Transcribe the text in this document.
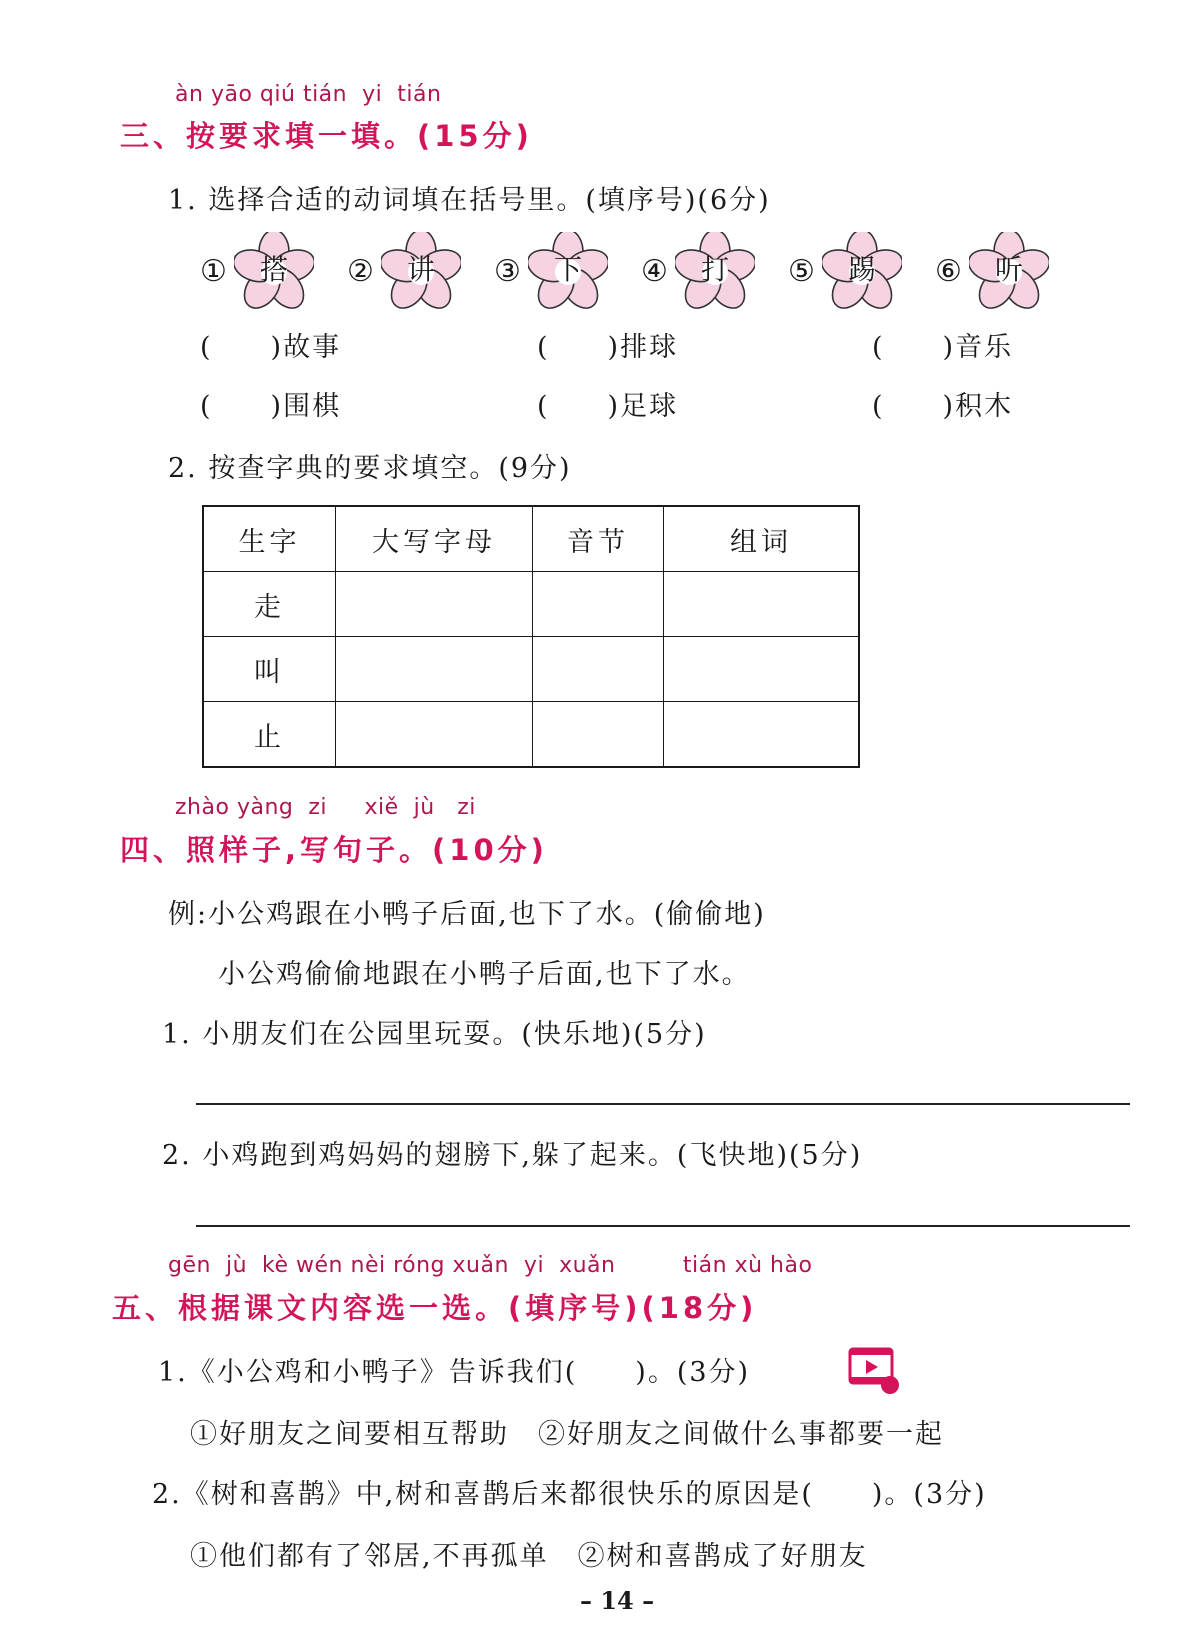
àn yāo qiú tián yi tián
三、按要求填一填。(15分)
1. 选择合适的动词填在括号里。(填序号)(6分)
①	搭	②	讲	③	下	④	打	⑤	踢	⑥	听
(　　)故事	(　　)排球	(　　)音乐
(　　)围棋	(　　)足球	(　　)积木
2. 按查字典的要求填空。(9分)
生字	大写字母	音节	组词
走			
叫			
止			
zhào yàng zi xiě jù zi
四、照样子,写句子。(10分)
例:小公鸡跟在小鸭子后面,也下了水。(偷偷地)
小公鸡偷偷地跟在小鸭子后面,也下了水。
1. 小朋友们在公园里玩耍。(快乐地)(5分)
2. 小鸡跑到鸡妈妈的翅膀下,躲了起来。(飞快地)(5分)
gēn jù kè wén nèi róng xuǎn yi xuǎn	tián xù hào
五、根据课文内容选一选。(填序号)(18分)
1.《小公鸡和小鸭子》告诉我们(　　)。(3分)
①好朋友之间要相互帮助　②好朋友之间做什么事都要一起
2.《树和喜鹊》中,树和喜鹊后来都很快乐的原因是(　　)。(3分)
①他们都有了邻居,不再孤单　②树和喜鹊成了好朋友
– 14 –
